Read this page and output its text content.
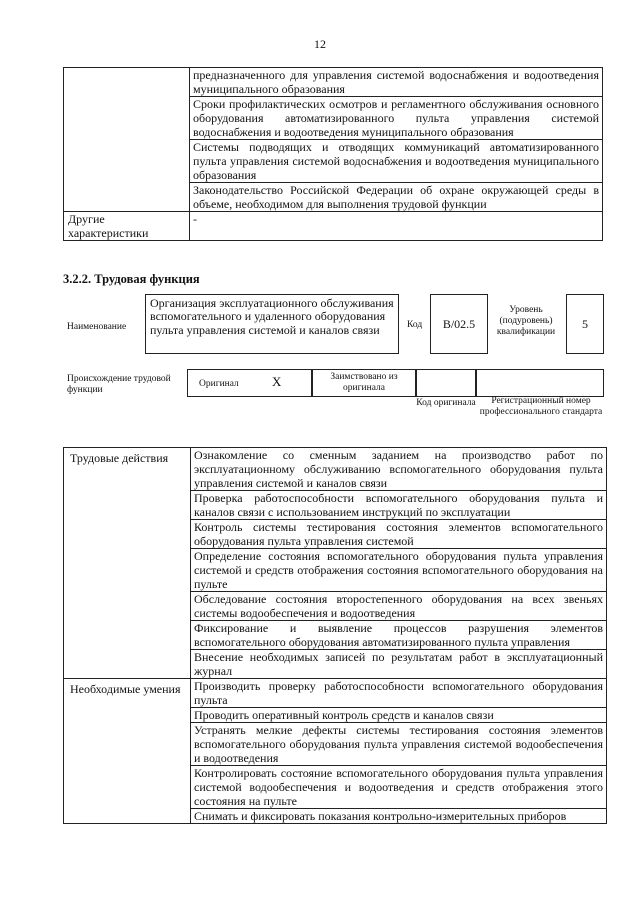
12
	предназначенного для управления системой водоснабжения и водоотведения муниципального образования
	Сроки профилактических осмотров и регламентного обслуживания основного оборудования автоматизированного пульта управления системой водоснабжения и водоотведения муниципального образования
	Системы подводящих и отводящих коммуникаций автоматизированного пульта управления системой водоснабжения и водоотведения муниципального образования
	Законодательство Российской Федерации об охране окружающей среды в объеме, необходимом для выполнения трудовой функции
Другие характеристики	-
3.2.2. Трудовая функция
Наименование
Организация эксплуатационного обслуживания вспомогательного и удаленного оборудования пульта управления системой и каналов связи	Код	B/02.5
Уровень (подуровень) квалификации
5
Происхождение трудовой функции
Оригинал	X	Заимствовано из оригинала
Код оригинала	Регистрационный номер профессионального стандарта
Трудовые действия	Ознакомление со сменным заданием на производство работ по эксплуатационному обслуживанию вспомогательного оборудования пульта управления системой и каналов связи
	Проверка работоспособности вспомогательного оборудования пульта и каналов связи с использованием инструкций по эксплуатации
	Контроль системы тестирования состояния элементов вспомогательного оборудования пульта управления системой
	Определение состояния вспомогательного оборудования пульта управления системой и средств отображения состояния вспомогательного оборудования на пульте
	Обследование состояния второстепенного оборудования на всех звеньях системы водообеспечения и водоотведения
	Фиксирование и выявление процессов разрушения элементов вспомогательного оборудования автоматизированного пульта управления
	Внесение необходимых записей по результатам работ в эксплуатационный журнал
Необходимые умения	Производить проверку работоспособности вспомогательного оборудования пульта
	Проводить оперативный контроль средств и каналов связи
	Устранять мелкие дефекты системы тестирования состояния элементов вспомогательного оборудования пульта управления системой водообеспечения и водоотведения
	Контролировать состояние вспомогательного оборудования пульта управления системой водообеспечения и водоотведения и средств отображения этого состояния на пульте
	Снимать и фиксировать показания контрольно-измерительных приборов
